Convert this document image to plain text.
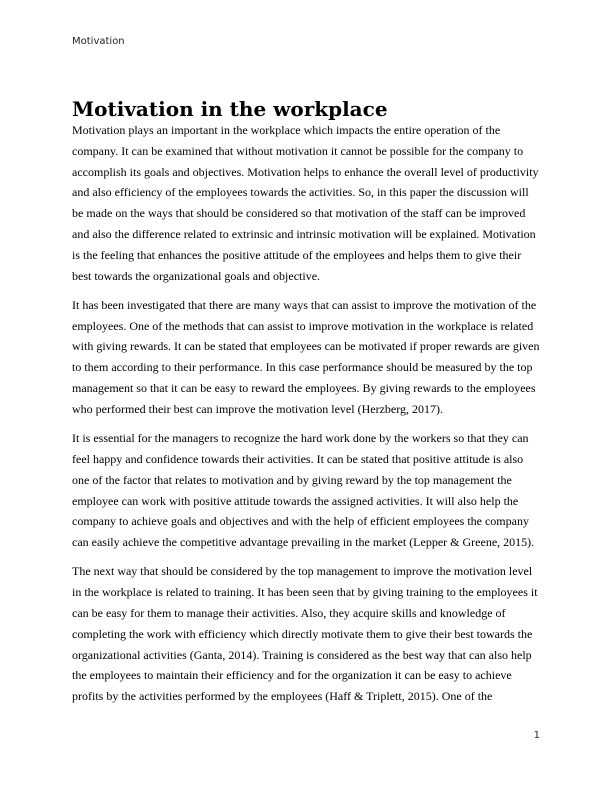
Motivation
Motivation in the workplace

Motivation plays an important in the workplace which impacts the entire operation of the company. It can be examined that without motivation it cannot be possible for the company to accomplish its goals and objectives. Motivation helps to enhance the overall level of productivity and also efficiency of the employees towards the activities. So, in this paper the discussion will be made on the ways that should be considered so that motivation of the staff can be improved and also the difference related to extrinsic and intrinsic motivation will be explained. Motivation is the feeling that enhances the positive attitude of the employees and helps them to give their best towards the organizational goals and objective.

It has been investigated that there are many ways that can assist to improve the motivation of the employees. One of the methods that can assist to improve motivation in the workplace is related with giving rewards. It can be stated that employees can be motivated if proper rewards are given to them according to their performance. In this case performance should be measured by the top management so that it can be easy to reward the employees. By giving rewards to the employees who performed their best can improve the motivation level (Herzberg, 2017).

It is essential for the managers to recognize the hard work done by the workers so that they can feel happy and confidence towards their activities. It can be stated that positive attitude is also one of the factor that relates to motivation and by giving reward by the top management the employee can work with positive attitude towards the assigned activities. It will also help the company to achieve goals and objectives and with the help of efficient employees the company can easily achieve the competitive advantage prevailing in the market (Lepper & Greene, 2015).

The next way that should be considered by the top management to improve the motivation level in the workplace is related to training. It has been seen that by giving training to the employees it can be easy for them to manage their activities. Also, they acquire skills and knowledge of completing the work with efficiency which directly motivate them to give their best towards the organizational activities (Ganta, 2014). Training is considered as the best way that can also help the employees to maintain their efficiency and for the organization it can be easy to achieve profits by the activities performed by the employees (Haff & Triplett, 2015). One of the

1
